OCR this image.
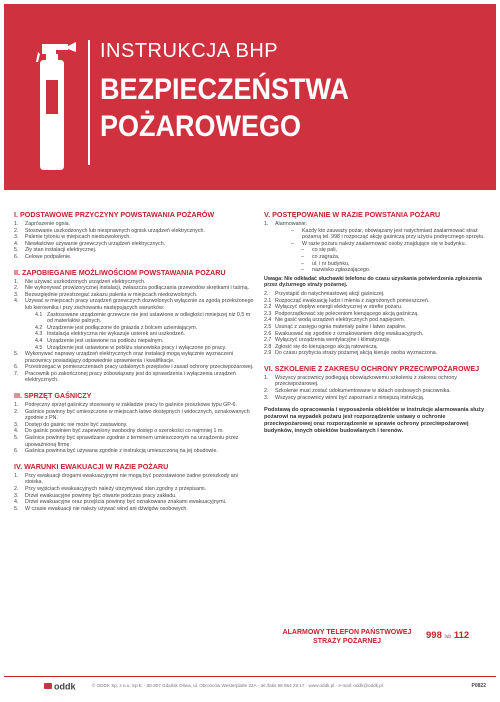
INSTRUKCJA BHP
BEZPIECZEŃSTWA
POŻAROWEGO
I. PODSTAWOWE PRZYCZYNY POWSTAWANIA POŻARÓW
1. Zaprószenie ognia.
2. Stosowanie uszkodzonych lub niesprawnych ognisk urządzeń elektrycznych.
3. Palenie tytoniu w miejscach niedozwolonych.
4. Niewłaściwe używanie grzewczych urządzeń elektrycznych.
5. Zły stan instalacji elektrycznej.
6. Celowe podpalenie.
II. ZAPOBIEGANIE MOŻLIWOŚCIOM POWSTAWANIA POŻARU
1. Nie używać uszkodzonych urządzeń elektrycznych.
2. Nie wykonywać prowizorycznej instalacji, zwłaszcza podłączania przewodów skrętkami i taśmą.
3. Bezwzględnie przestrzegać zakazu palenia w miejscach niedozwolonych.
4. Używać w miejscach pracy urządzeń grzewczych dozwolonych wyłącznie za zgodą przełożonego lub kierownika i przy zachowaniu następujących warunków:
4.1 Zastosowane urządzenie grzewcze nie jest ustawione w odległości mniejszej niż 0,5 m od materiałów palnych.
4.2 Urządzenie jest podłączone do gniazda z bolcem uziemiającym.
4.3 Instalacja elektryczna nie wykazuje usterek ani uszkodzeń.
4.4 Urządzenie jest ustawione na podłożu niepalnym.
4.5 Urządzenie jest ustawione w pobliżu stanowiska pracy i wyłączone po pracy.
5. Wykonywać naprawy urządzeń elektrycznych oraz instalacji mogą wyłącznie wyznaczeni pracownicy posiadający odpowiednie uprawnienia i kwalifikacje.
6. Przestrzegać w pomieszczeniach pracy ustalonych przepisów i zasad ochrony przeciwpożarowej.
7. Pracownik po zakończonej pracy zobowiązany jest do sprawdzenia i wyłączenia urządzeń elektrycznych.
III. SPRZĘT GAŚNICZY
1. Podręczny sprzęt gaśniczy stosowany w zakładzie pracy to gaśnice proszkowe typu GP-6.
2. Gaśnice powinny być umieszczone w miejscach łatwo dostępnych i widocznych, oznakowanych zgodnie z PN.
3. Dostęp do gaśnic nie może być zastawiony.
4. Do gaśnic powinien być zapewniony swobodny dostęp o szerokości co najmniej 1 m.
5. Gaśnice powinny być sprawdzane zgodnie z terminem umieszczonym na urządzeniu przez upoważnioną firmę.
6. Gaśnica powinna być używana zgodnie z instrukcją umieszczoną na jej obudowie.
IV. WARUNKI EWAKUACJI W RAZIE POŻARU
1. Przy ewakuacji drogami ewakuacyjnymi nie mogą być pozostawione żadne przeszkody ani stoiska.
2. Przy wyjściach ewakuacyjnych należy utrzymywać stan zgodny z przepisami.
3. Drzwi ewakuacyjne powinny być otwarte podczas pracy zakładu.
4. Drzwi ewakuacyjne oraz przejścia powinny być oznakowane znakami ewakuacyjnymi.
5. W czasie ewakuacji nie należy używać wind ani dźwigów osobowych.
V. POSTĘPOWANIE W RAZIE POWSTANIA POŻARU
1. Alarmowanie:
– Każdy kto zauważy pożar, obowiązany jest natychmiast zaalarmować straż pożarną tel. 998 i rozpocząć akcję gaśniczą przy użyciu podręcznego sprzętu.
– W razie pożaru należy zaalarmować osoby znajdujące się w budynku.
– co się pali,
– co zagraża,
– ul. i nr budynku,
– nazwisko zgłaszającego.
Uwaga: Nie odkładać słuchawki telefonu do czasu uzyskania potwierdzenia zgłoszenia przez dyżurnego straży pożarnej.
2. Przystąpić do natychmiastowej akcji gaśniczej.
2.1 Rozpocząć ewakuację ludzi i mienia z zagrożonych pomieszczeń.
2.2 Wyłączyć dopływ energii elektrycznej w strefie pożaru.
2.3 Podporządkować się poleceniom kierującego akcją gaśniczą.
2.4 Nie gasić wodą urządzeń elektrycznych pod napięciem.
2.5 Usunąć z zasięgu ognia materiały palne i łatwo zapalne.
2.6 Ewakuować się zgodnie z oznakowaniem dróg ewakuacyjnych.
2.7 Wyłączyć urządzenia wentylacyjne i klimatyzację.
2.8 Zgłosić się do kierującego akcją ratowniczą.
2.9 Do czasu przybycia straży pożarnej akcją kieruje osoba wyznaczona.
VI. SZKOLENIE Z ZAKRESU OCHRONY PRZECIWPOŻAROWEJ
1. Wszyscy pracownicy podlegają obowiązkowemu szkoleniu z zakresu ochrony przeciwpożarowej.
2. Szkolenie musi zostać udokumentowane w aktach osobowych pracownika.
3. Wszyscy pracownicy winni być zapoznani z niniejszą instrukcją.
Podstawą do opracowania i wyposażenia obiektów w instrukcje alarmowania służy pożarowi na wypadek pożaru jest rozporządzenie ustawy o ochronie przeciwpożarowej oraz rozporządzenie w sprawie ochrony przeciwpożarowej budynków, innych obiektów budowlanych i terenów.
ALARMOWY TELEFON PAŃSTWOWEJ STRAŻY POŻARNEJ
998 lub 112
oddk	© ODDK Sp. z o.o. Sp.k. · 80-307 Gdańsk Oliwa, ul. Obrońców Westerplatte 22A · tel./faks 58 554 29 17 · www.oddk.pl · e-mail: oddk@oddk.pl	P0822
